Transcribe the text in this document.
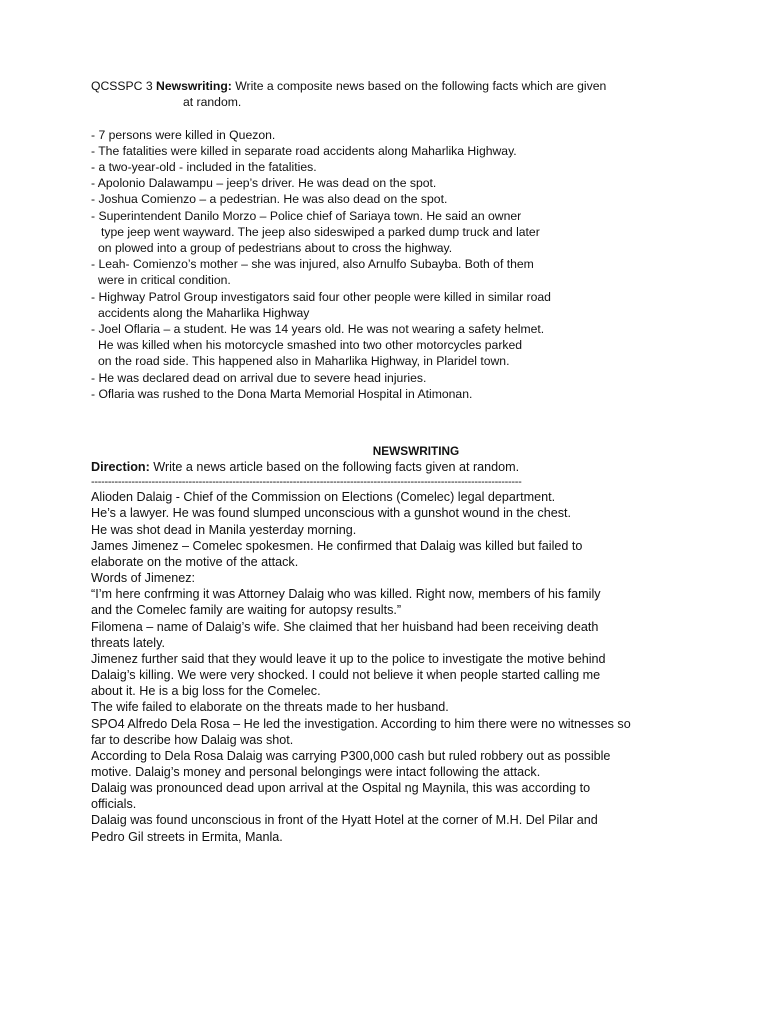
QCSSPC 3 Newswriting: Write a composite news based on the following facts which are given
at random.
- 7 persons were killed in Quezon.
- The fatalities were killed in separate road accidents along Maharlika Highway.
- a two-year-old - included in the fatalities.
- Apolonio Dalawampu – jeep’s driver. He was dead on the spot.
- Joshua Comienzo – a pedestrian. He was also dead on the spot.
- Superintendent Danilo Morzo – Police chief of Sariaya town. He said an owner
type jeep went wayward. The jeep also sideswiped a parked dump truck and later
on plowed into a group of pedestrians about to cross the highway.
- Leah- Comienzo’s mother – she was injured, also Arnulfo Subayba. Both of them
were in critical condition.
- Highway Patrol Group investigators said four other people were killed in similar road
accidents along the Maharlika Highway
- Joel Oflaria – a student. He was 14 years old. He was not wearing a safety helmet.
He was killed when his motorcycle smashed into two other motorcycles parked
on the road side. This happened also in Maharlika Highway, in Plaridel town.
- He was declared dead on arrival due to severe head injuries.
- Oflaria was rushed to the Dona Marta Memorial Hospital in Atimonan.
NEWSWRITING
Direction: Write a news article based on the following facts given at random.
--------------------------------------------------------------------------------------------------------------------------------
Alioden Dalaig - Chief of the Commission on Elections (Comelec) legal department.
He’s a lawyer. He was found slumped unconscious with a gunshot wound in the chest.
He was shot dead in Manila yesterday morning.
James Jimenez – Comelec spokesmen. He confirmed that Dalaig was killed but failed to
elaborate on the motive of the attack.
Words of Jimenez:
“I’m here confrming it was Attorney Dalaig who was killed. Right now, members of his family
and the Comelec family are waiting for autopsy results.”
Filomena – name of Dalaig’s wife. She claimed that her huisband had been receiving death
threats lately.
Jimenez further said that they would leave it up to the police to investigate the motive behind
Dalaig’s killing. We were very shocked. I could not believe it when people started calling me
about it. He is a big loss for the Comelec.
The wife failed to elaborate on the threats made to her husband.
SPO4 Alfredo Dela Rosa – He led the investigation. According to him there were no witnesses so
far to describe how Dalaig was shot.
According to Dela Rosa Dalaig was carrying P300,000 cash but ruled robbery out as possible
motive. Dalaig’s money and personal belongings were intact following the attack.
Dalaig was pronounced dead upon arrival at the Ospital ng Maynila, this was according to
officials.
Dalaig was found unconscious in front of the Hyatt Hotel at the corner of M.H. Del Pilar and
Pedro Gil streets in Ermita, Manla.
